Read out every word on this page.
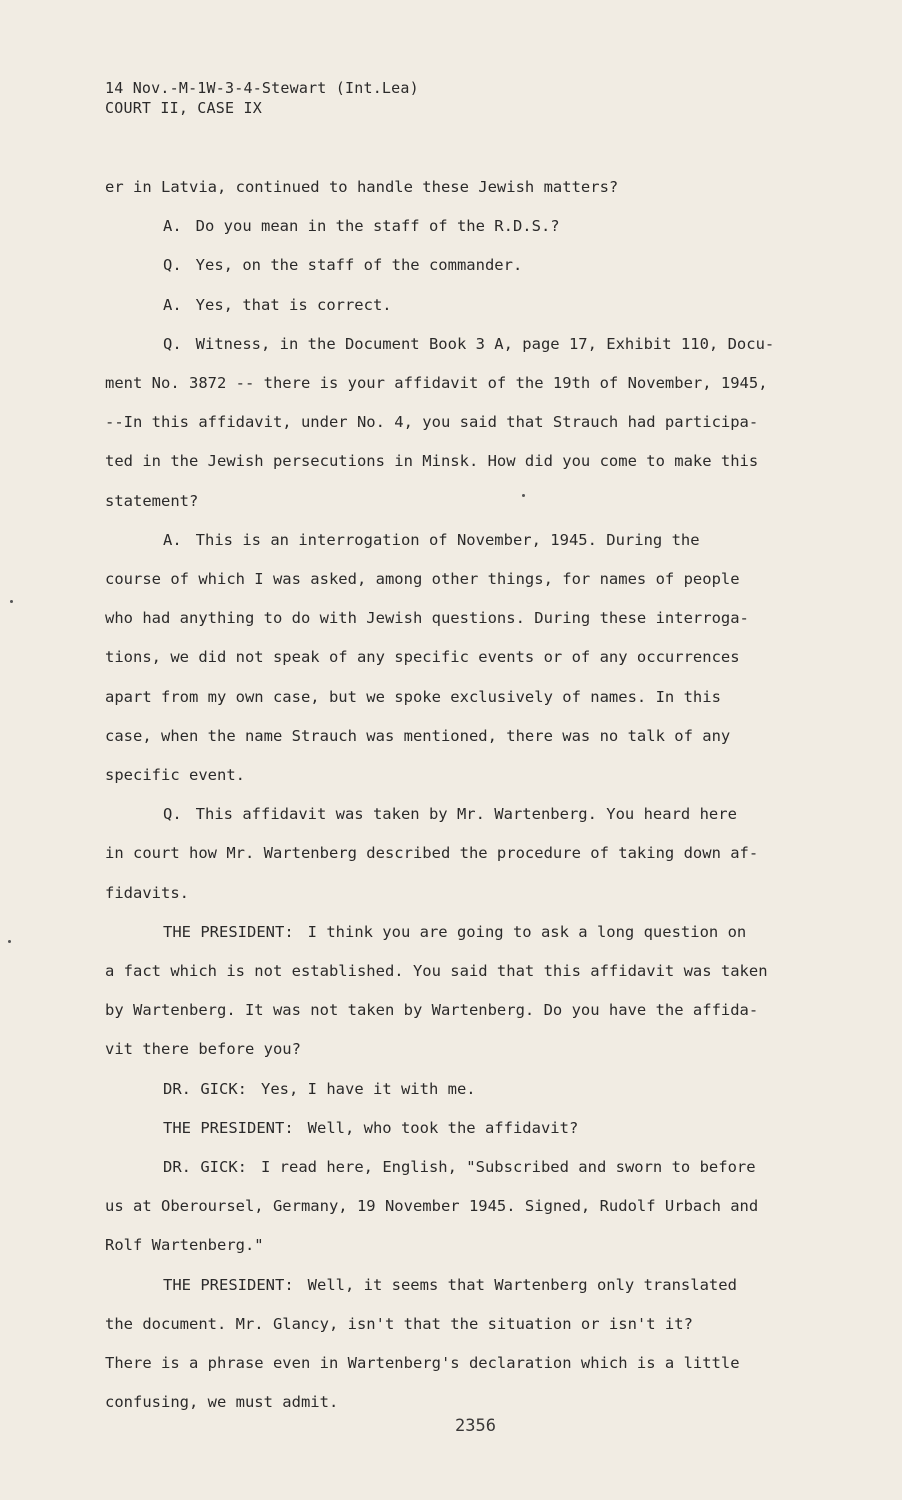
14 Nov.-M-1W-3-4-Stewart (Int.Lea)
COURT II, CASE IX

er in Latvia, continued to handle these Jewish matters?

A. Do you mean in the staff of the R.D.S.?

Q. Yes, on the staff of the commander.

A. Yes, that is correct.

Q. Witness, in the Document Book 3 A, page 17, Exhibit 110, Docu-

ment No. 3872 -- there is your affidavit of the 19th of November, 1945,

--In this affidavit, under No. 4, you said that Strauch had participa-

ted in the Jewish persecutions in Minsk. How did you come to make this

statement?

A. This is an interrogation of November, 1945. During the

course of which I was asked, among other things, for names of people

who had anything to do with Jewish questions. During these interroga-

tions, we did not speak of any specific events or of any occurrences

apart from my own case, but we spoke exclusively of names. In this

case, when the name Strauch was mentioned, there was no talk of any

specific event.

Q. This affidavit was taken by Mr. Wartenberg. You heard here

in court how Mr. Wartenberg described the procedure of taking down af-

fidavits.

THE PRESIDENT: I think you are going to ask a long question on

a fact which is not established. You said that this affidavit was taken

by Wartenberg. It was not taken by Wartenberg. Do you have the affida-

vit there before you?

DR. GICK: Yes, I have it with me.

THE PRESIDENT: Well, who took the affidavit?

DR. GICK: I read here, English, "Subscribed and sworn to before

us at Oberoursel, Germany, 19 November 1945. Signed, Rudolf Urbach and

Rolf Wartenberg."

THE PRESIDENT: Well, it seems that Wartenberg only translated

the document. Mr. Glancy, isn't that the situation or isn't it?

There is a phrase even in Wartenberg's declaration which is a little

confusing, we must admit.

2356
